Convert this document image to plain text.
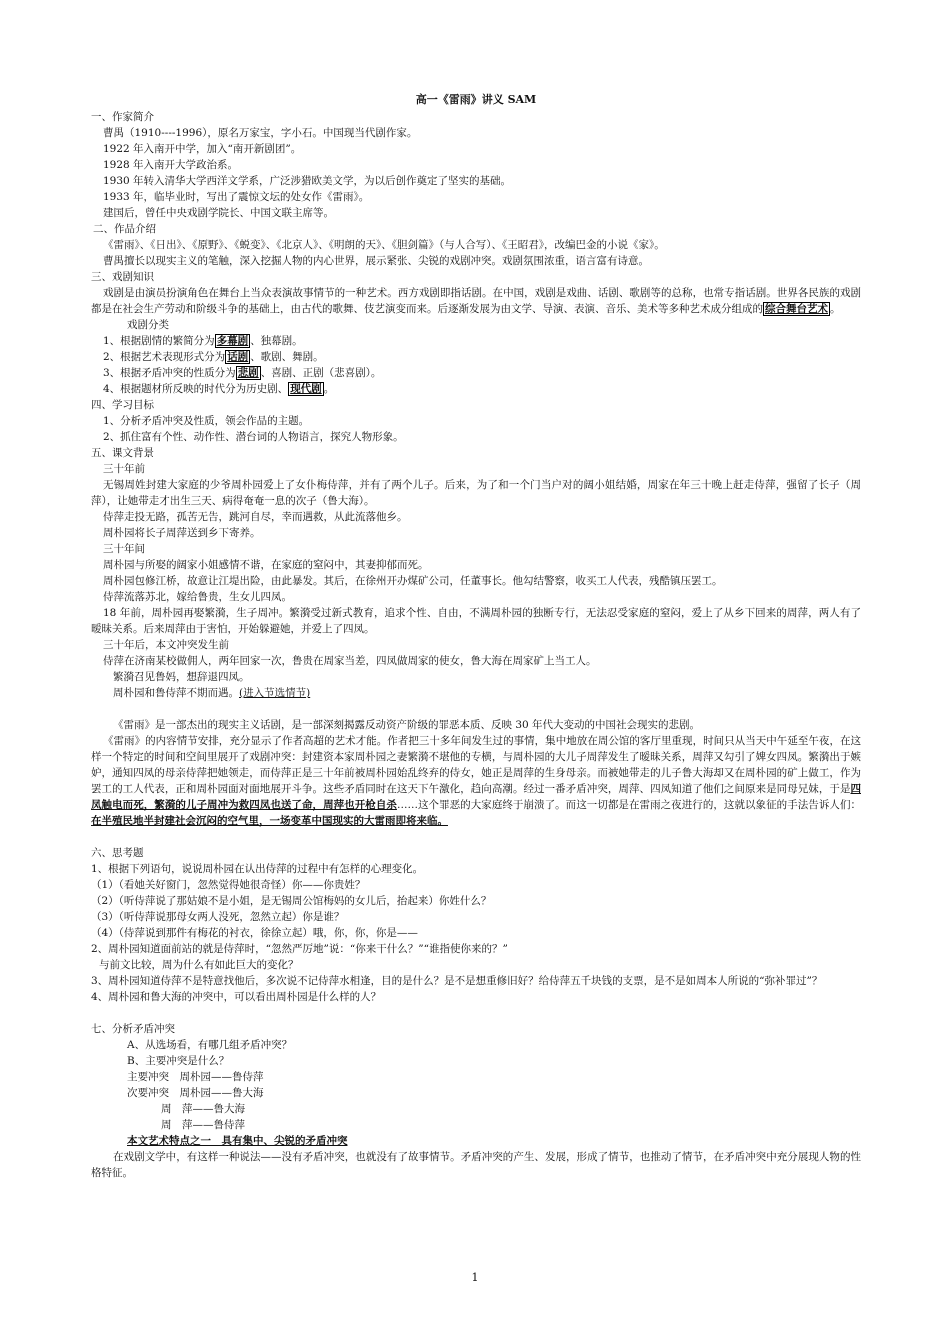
高一《雷雨》讲义 SAM
一、作家简介
曹禺（1910----1996），原名万家宝，字小石。中国现当代剧作家。
1922 年入南开中学，加入“南开新剧团”。
1928 年入南开大学政治系。
1930 年转入清华大学西洋文学系，广泛涉猎欧美文学，为以后创作奠定了坚实的基础。
1933 年，临毕业时，写出了震惊文坛的处女作《雷雨》。
建国后，曾任中央戏剧学院长、中国文联主席等。
二、作品介绍
《雷雨》、《日出》、《原野》、《蜕变》、《北京人》、《明朗的天》、《胆剑篇》（与人合写）、《王昭君》，改编巴金的小说《家》。
曹禺擅长以现实主义的笔触，深入挖掘人物的内心世界，展示紧张、尖锐的戏剧冲突。戏剧氛围浓重，语言富有诗意。
三、戏剧知识
戏剧是由演员扮演角色在舞台上当众表演故事情节的一种艺术。西方戏剧即指话剧。在中国，戏剧是戏曲、话剧、歌剧等的总称，也常专指话剧。世界各民族的戏剧都是在社会生产劳动和阶级斗争的基础上，由古代的歌舞、伎艺演变而来。后逐渐发展为由文学、导演、表演、音乐、美术等多种艺术成分组成的 综合舞台艺术 。
戏剧分类
1、根据剧情的繁简分为 多幕剧 、独幕剧。
2、根据艺术表现形式分为 话剧 、歌剧、舞剧。
3、根据矛盾冲突的性质分为 悲剧 、喜剧、正剧（悲喜剧）。
4、根据题材所反映的时代分为历史剧、 现代剧 。
四、学习目标
1、分析矛盾冲突及性质，领会作品的主题。
2、抓住富有个性、动作性、潜台词的人物语言，探究人物形象。
五、课文背景
三十年前
无锡周姓封建大家庭的少爷周朴园爱上了女仆梅侍萍，并有了两个儿子。后来，为了和一个门当户对的阔小姐结婚，周家在年三十晚上赶走侍萍，强留了长子（周萍），让她带走才出生三天、病得奄奄一息的次子（鲁大海）。
侍萍走投无路，孤苦无告，跳河自尽，幸而遇救，从此流落他乡。
周朴园将长子周萍送到乡下寄养。
三十年间
周朴园与所娶的阔家小姐感情不谐，在家庭的窒闷中，其妻抑郁而死。
周朴园包修江桥，故意让江堤出险，由此暴发。其后，在徐州开办煤矿公司，任董事长。他勾结警察，收买工人代表，残酷镇压罢工。
侍萍流落苏北，嫁给鲁贵，生女儿四凤。
18 年前，周朴园再娶繁漪，生子周冲。繁漪受过新式教育，追求个性、自由，不满周朴园的独断专行，无法忍受家庭的窒闷，爱上了从乡下回来的周萍，两人有了暧昧关系。后来周萍由于害怕，开始躲避她，并爱上了四凤。
三十年后，本文冲突发生前
侍萍在济南某校做佣人，两年回家一次，鲁贵在周家当差，四凤做周家的使女，鲁大海在周家矿上当工人。
繁漪召见鲁妈，想辞退四凤。
周朴园和鲁侍萍不期而遇。(进入节选情节)
《雷雨》是一部杰出的现实主义话剧，是一部深刻揭露反动资产阶级的罪恶本质、反映 30 年代大变动的中国社会现实的悲剧。
《雷雨》的内容情节安排，充分显示了作者高超的艺术才能。作者把三十多年间发生过的事情，集中地放在周公馆的客厅里重现，时间只从当天中午延至午夜，在这样一个特定的时间和空间里展开了戏剧冲突：封建资本家周朴园之妻繁漪不堪他的专横，与周朴园的大儿子周萍发生了暧昧关系，周萍又勾引了婢女四凤。繁漪出于嫉妒，通知四凤的母亲侍萍把她领走，而侍萍正是三十年前被周朴园始乱终弃的侍女，她正是周萍的生身母亲。而被她带走的儿子鲁大海却又在周朴园的矿上做工，作为罢工的工人代表，正和周朴园面对面地展开斗争。这些矛盾同时在这天下午激化，趋向高潮。经过一番矛盾冲突，周萍、四凤知道了他们之间原来是同母兄妹，于是四凤触电而死，繁漪的儿子周冲为救四凤也送了命，周萍也开枪自杀……这个罪恶的大家庭终于崩溃了。而这一切都是在雷雨之夜进行的，这就以象征的手法告诉人们：在半殖民地半封建社会沉闷的空气里，一场变革中国现实的大雷雨即将来临。
六、思考题
1、根据下列语句，说说周朴园在认出侍萍的过程中有怎样的心理变化。
（1）（看她关好窗门，忽然觉得她很奇怪）你——你贵姓？
（2）（听侍萍说了那姑娘不是小姐，是无锡周公馆梅妈的女儿后，抬起来）你姓什么？
（3）（听侍萍说那母女两人没死，忽然立起）你是谁？
（4）（侍萍说到那件有梅花的衬衣，徐徐立起）哦，你，你，你是——
2、周朴园知道面前站的就是侍萍时，“忽然严厉地”说：“你来干什么？”“谁指使你来的？”
与前文比较，周为什么有如此巨大的变化？
3、周朴园知道侍萍不是特意找他后，多次说不记侍萍水相逢，目的是什么？是不是想重修旧好？给侍萍五千块钱的支票，是不是如周本人所说的“弥补罪过”？
4、周朴园和鲁大海的冲突中，可以看出周朴园是什么样的人？
七、分析矛盾冲突
A、从选场看，有哪几组矛盾冲突？
B、主要冲突是什么？
主要冲突　周朴园——鲁侍萍
次要冲突　周朴园——鲁大海
周　萍——鲁大海
周　萍——鲁侍萍
本文艺术特点之一　具有集中、尖锐的矛盾冲突
在戏剧文学中，有这样一种说法——没有矛盾冲突，也就没有了故事情节。矛盾冲突的产生、发展，形成了情节，也推动了情节，在矛盾冲突中充分展现人物的性格特征。
1
